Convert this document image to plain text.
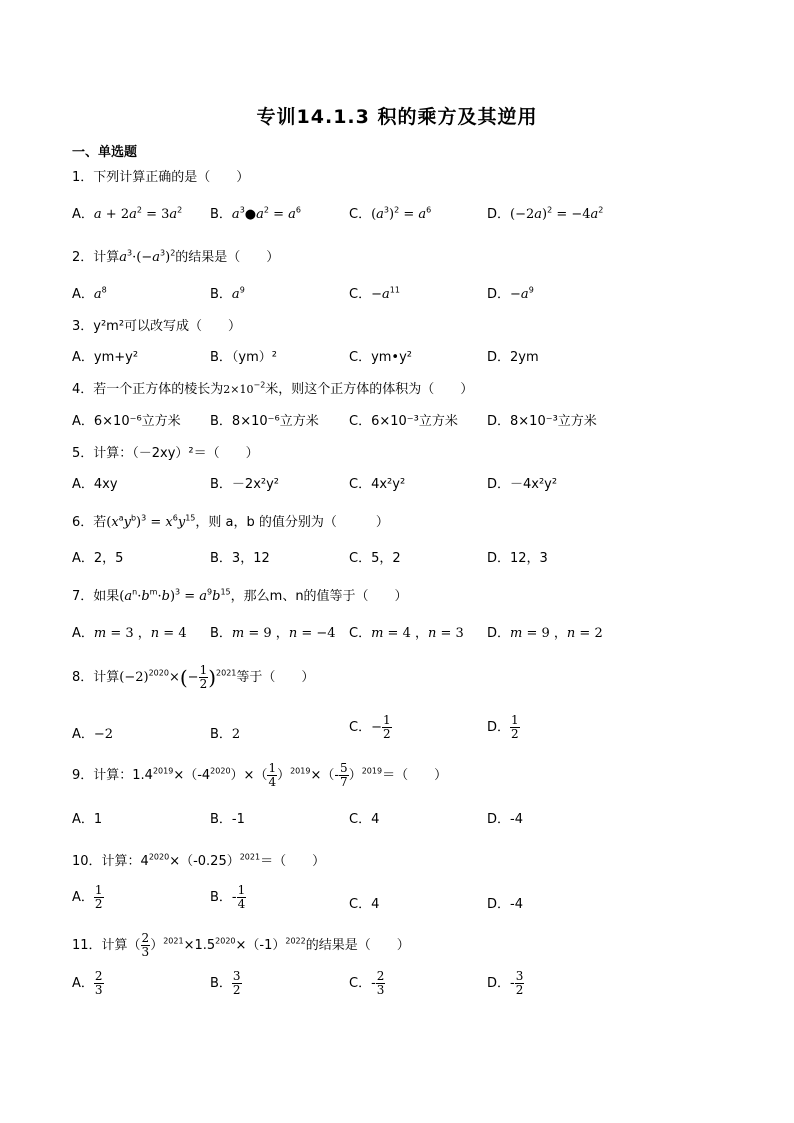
专训14.1.3 积的乘方及其逆用
一、单选题
1．下列计算正确的是（　　）
A．$a + 2a^2 = 3a^2$ B．$a^3●a^2 = a^6$	C．$(a^3)^2 = a^6$	D．$(-2a)^2 = -4a^2$
2．计算$a^3\cdot(-a^3)^2$的结果是（　　）
A．$a^8$	B．$a^9$	C．$-a^{11}$	D．$-a^9$
3．y²m²可以改写成（　　）
A．ym+y²	B．（ym）²	C．ym•y²	D．2ym
4．若一个正方体的棱长为$2\times 10^{-2}$米，则这个正方体的体积为（　　）
A．6×10⁻⁶立方米 B．8×10⁻⁶立方米 C．6×10⁻³立方米 D．8×10⁻³立方米
5．计算：（－2xy）²＝（　　）
A．4xy	B．－2x²y²	C．4x²y²	D．－4x²y²
6．若$(x^ay^b)^3 = x^6y^{15}$，则 a，b 的值分别为（　　　）
A．2，5	B．3，12	C．5，2	D．12，3
7．如果$(a^n\cdot b^m\cdot b)^3 = a^9b^{15}$，那么m、n的值等于（　　）
A．m = 3 ，n = 4 B．m = 9 ，n = −4 C．m = 4 ，n = 3 D．m = 9 ，n = 2
8．计算$(-2)^{2020}\times(- \frac{1}{2} )^{2021}$等于（　　）
A．−2	B．2	C．− $\frac{1}{2}$	D． $\frac{1}{2}$
9．计算：$1.4^{2019}\times(-4^{2020})\times( \frac{1}{4} )^{2019}\times(- \frac{5}{7} )^{2019}=$（　　）
A．1	B．-1	C．4	D．-4
10．计算：$4^{2020}\times(-0.25)^{2021}=$（　　）
A． $\frac{1}{2}$	B．- $\frac{1}{4}$	C．4	D．-4
11．计算（ $\frac{2}{3} )^{2021}\times 1.5^{2020}\times(-1)^{2022}$的结果是（　　）
A． $\frac{2}{3}$	B． $\frac{3}{2}$	C．- $\frac{2}{3}$	D．- $\frac{3}{2}$
